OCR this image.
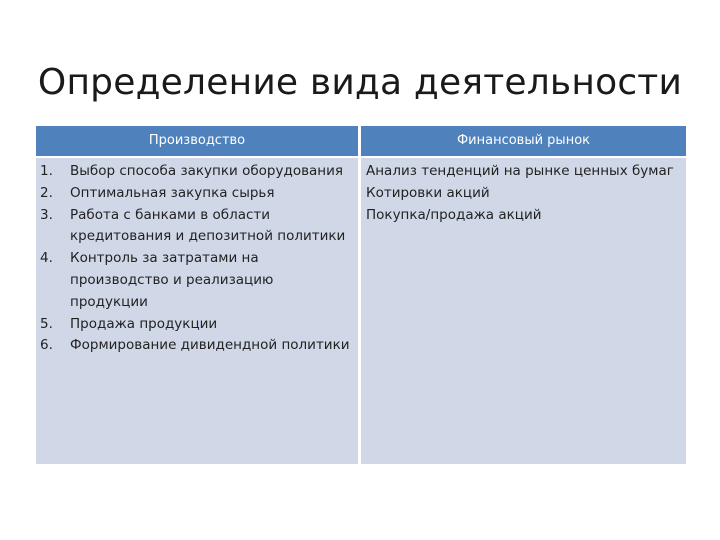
Определение вида деятельности
Производство	Финансовый рынок
1. Выбор способа закупки оборудования
2. Оптимальная закупка сырья
3. Работа с банками в области кредитования и депозитной политики
4. Контроль за затратами на производство и реализацию продукции
5. Продажа продукции
6. Формирование дивидендной политики
Анализ тенденций на рынке ценных бумаг
Котировки акций
Покупка/продажа акций
